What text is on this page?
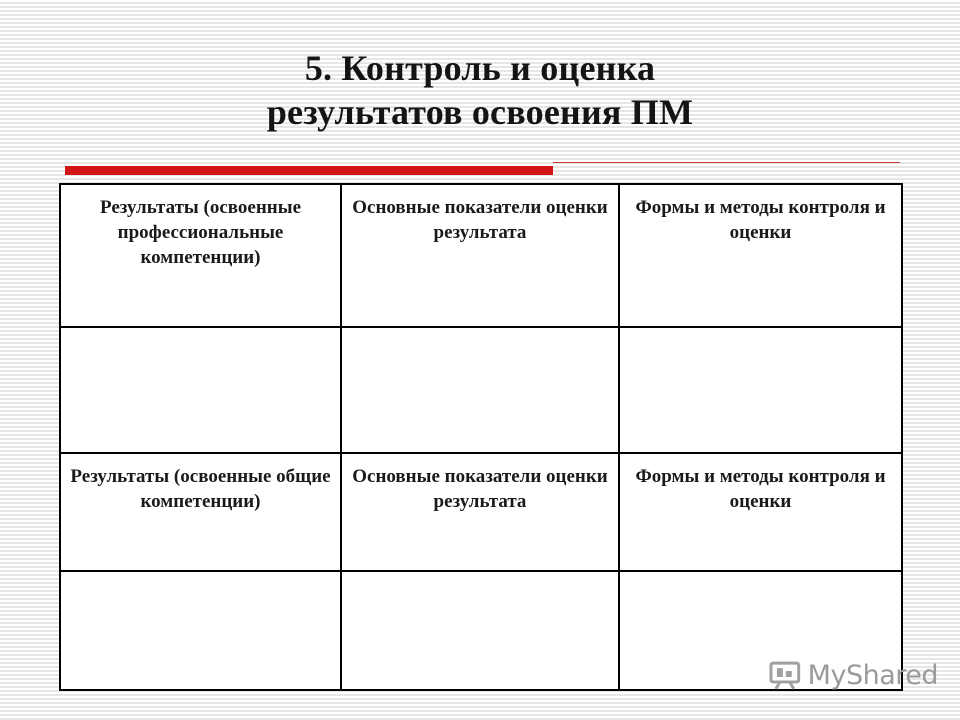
5. Контроль и оценка
результатов освоения ПМ
Результаты (освоенные профессиональные компетенции)	Основные показатели оценки результата	Формы и методы контроля и оценки

Результаты (освоенные общие компетенции)	Основные показатели оценки результата	Формы и методы контроля и оценки

MyShared
